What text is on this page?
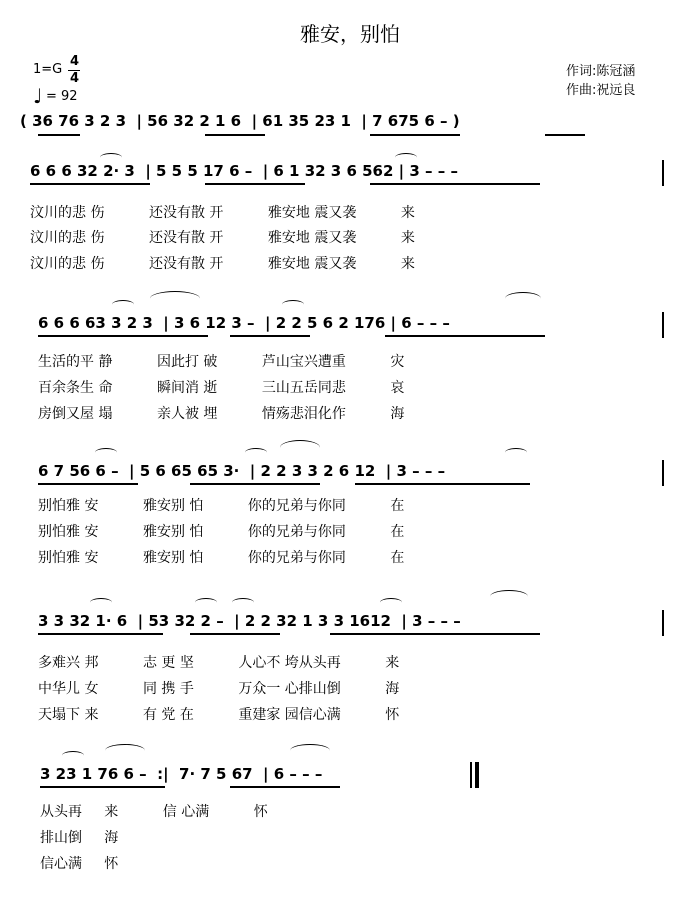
雅安，别怕
1=G
4
4
♩ = 92
作词:陈冠涵
作曲:祝远良
( 36 76 3 2 3  | 56 32 2 1 6  | 61 35 23 1  | 7 675 6 – )
6 6 6 32 2· 3  | 5 5 5 17 6 –  | 6 1 32 3 6 562 | 3 – – –
汶川的悲 伤          还没有散 开          雅安地 震又袭          来
汶川的悲 伤          还没有散 开          雅安地 震又袭          来
汶川的悲 伤          还没有散 开          雅安地 震又袭          来
6 6 6 63 3 2 3  | 3 6 12 3 –  | 2 2 5 6 2 176 | 6 – – –
生活的平 静          因此打 破          芦山宝兴遭重          灾
百余条生 命          瞬间消 逝          三山五岳同悲          哀
房倒又屋 塌          亲人被 埋          情殇悲泪化作          海
6 7 56 6 –  | 5 6 65 65 3·  | 2 2 3 3 2 6 12  | 3 – – –
别怕雅 安          雅安别 怕          你的兄弟与你同          在
别怕雅 安          雅安别 怕          你的兄弟与你同          在
别怕雅 安          雅安别 怕          你的兄弟与你同          在
3 3 32 1· 6  | 53 32 2 –  | 2 2 32 1 3 3 1612  | 3 – – –
多难兴 邦          志 更 坚          人心不 垮从头再          来
中华儿 女          同 携 手          万众一 心排山倒          海
天塌下 来          有 党 在          重建家 园信心满          怀
3 23 1 76 6 –  :|  7· 7 5 67  | 6 – – –
从头再     来          信 心满          怀
排山倒     海
信心满     怀
